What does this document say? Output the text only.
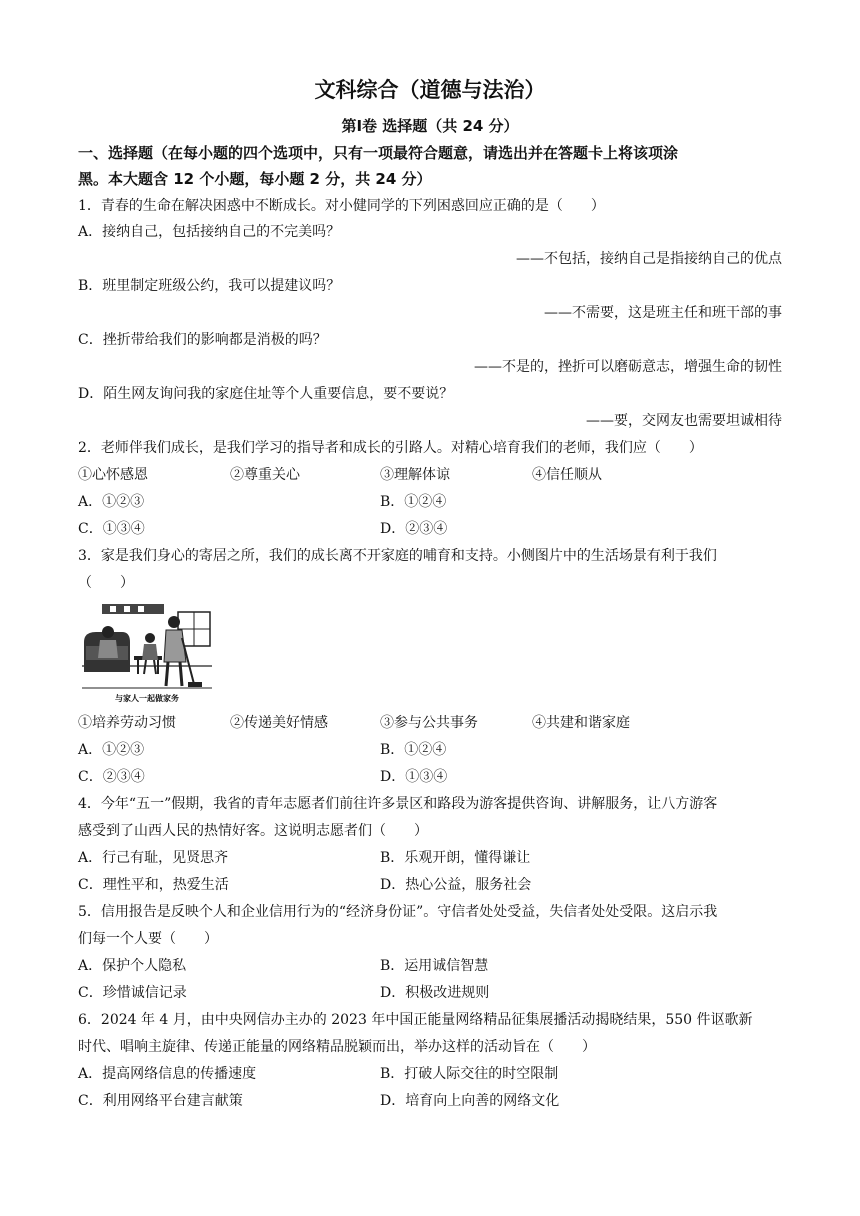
文科综合（道德与法治）
第Ⅰ卷 选择题（共 24 分）
一、选择题（在每小题的四个选项中，只有一项最符合题意，请选出并在答题卡上将该项涂
黑。本大题含 12 个小题，每小题 2 分，共 24 分）
1．青春的生命在解决困惑中不断成长。对小健同学的下列困惑回应正确的是（　　）
A．接纳自己，包括接纳自己的不完美吗？
——不包括，接纳自己是指接纳自己的优点
B．班里制定班级公约，我可以提建议吗？
——不需要，这是班主任和班干部的事
C．挫折带给我们的影响都是消极的吗？
——不是的，挫折可以磨砺意志，增强生命的韧性
D．陌生网友询问我的家庭住址等个人重要信息，要不要说？
——要，交网友也需要坦诚相待
2．老师伴我们成长，是我们学习的指导者和成长的引路人。对精心培育我们的老师，我们应（　　）
①心怀感恩	②尊重关心	③理解体谅	④信任顺从
A．①②③	B．①②④
C．①③④	D．②③④
3．家是我们身心的寄居之所，我们的成长离不开家庭的哺育和支持。小侧图片中的生活场景有利于我们
（　　）
与家人一起做家务
①培养劳动习惯	②传递美好情感	③参与公共事务	④共建和谐家庭
A．①②③	B．①②④
C．②③④	D．①③④
4．今年“五一”假期，我省的青年志愿者们前往许多景区和路段为游客提供咨询、讲解服务，让八方游客
感受到了山西人民的热情好客。这说明志愿者们（　　）
A．行己有耻，见贤思齐	B．乐观开朗，懂得谦让
C．理性平和，热爱生活	D．热心公益，服务社会
5．信用报告是反映个人和企业信用行为的“经济身份证”。守信者处处受益，失信者处处受限。这启示我
们每一个人要（　　）
A．保护个人隐私	B．运用诚信智慧
C．珍惜诚信记录	D．积极改进规则
6．2024 年 4 月，由中央网信办主办的 2023 年中国正能量网络精品征集展播活动揭晓结果，550 件讴歌新
时代、唱响主旋律、传递正能量的网络精品脱颖而出，举办这样的活动旨在（　　）
A．提高网络信息的传播速度	B．打破人际交往的时空限制
C．利用网络平台建言献策	D．培育向上向善的网络文化
